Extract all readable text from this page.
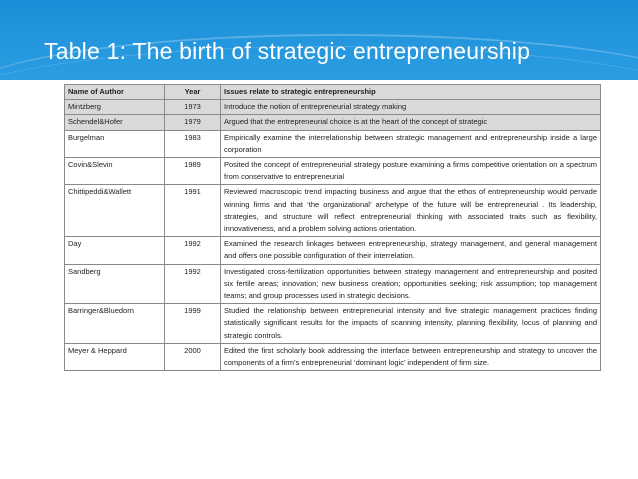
Table 1: The birth of strategic entrepreneurship
Name of Author	Year	Issues relate to strategic entrepreneurship
Mintzberg	1973	Introduce the notion of entrepreneurial strategy making
Schendel&Hofer	1979	Argued that the entrepreneurial choice is at the heart of the concept of strategic
Burgelman	1983	Empirically examine the interrelationship between strategic management and entrepreneurship inside a large corporation
Covin&Slevin	1989	Posited the concept of entrepreneurial strategy posture examining a firms competitive orientation on a spectrum from conservative to entrepreneurial
Chittipeddi&Wallett	1991	Reviewed macroscopic trend impacting business and argue that the ethos of entrepreneurship would pervade winning firms and that ‘the organizational’ archetype of the future will be entrepreneurial . Its leadership, strategies, and structure will reflect entrepreneurial thinking with associated traits such as flexibility, innovativeness, and a problem solving actions orientation.
Day	1992	Examined the research linkages between entrepreneurship, strategy management, and general management and offers one possible configuration of their interrelation.
Sandberg	1992	Investigated cross-fertilization opportunities between strategy management and entrepreneurship and posited six fertile areas; innovation; new business creation; opportunities seeking; risk assumption; top management teams; and group processes used in strategic decisions.
Barringer&Bluedorn	1999	Studied the relationship between entrepreneurial intensity and five strategic management practices finding statistically significant results for the impacts of scanning intensity, planning flexibility, locus of planning and strategic controls.
Meyer & Heppard	2000	Edited the first scholarly book addressing the interface between entrepreneurship and strategy to uncover the components of a firm’s entrepreneurial ‘dominant logic’ independent of firm size.
